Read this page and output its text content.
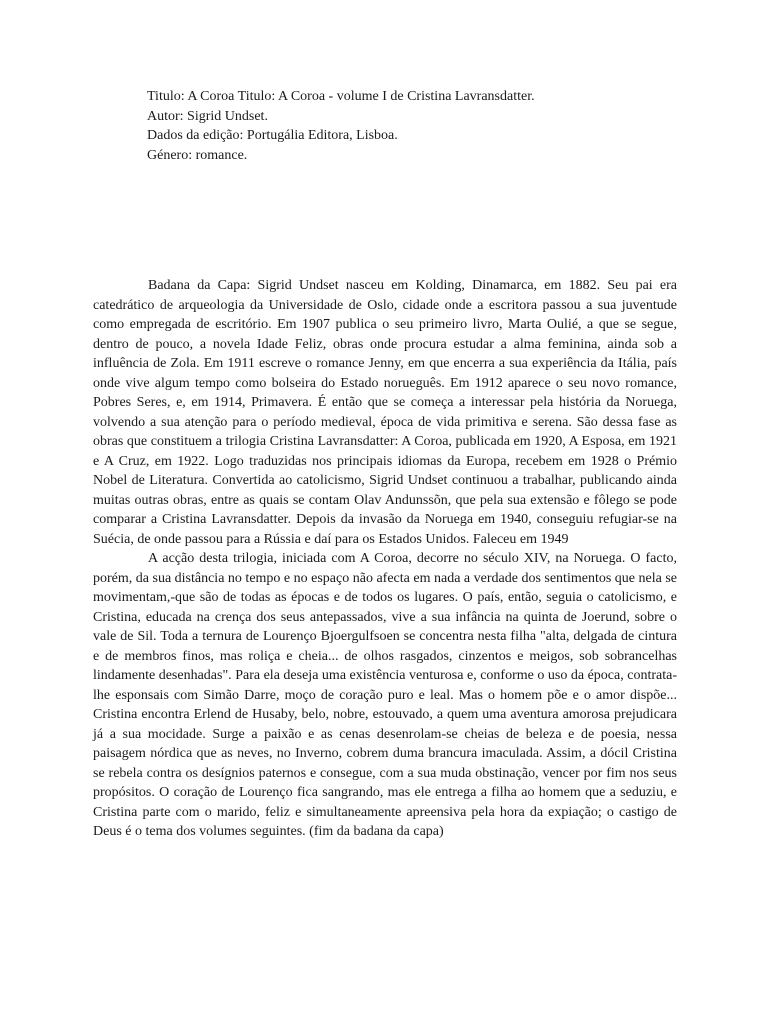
Titulo: A Coroa Titulo: A Coroa - volume I de Cristina Lavransdatter.
Autor: Sigrid Undset.
Dados da edição: Portugália Editora, Lisboa.
Género: romance.

Badana da Capa: Sigrid Undset nasceu em Kolding, Dinamarca, em 1882. Seu pai era catedrático de arqueologia da Universidade de Oslo, cidade onde a escritora passou a sua juventude como empregada de escritório. Em 1907 publica o seu primeiro livro, Marta Oulié, a que se segue, dentro de pouco, a novela Idade Feliz, obras onde procura estudar a alma feminina, ainda sob a influência de Zola. Em 1911 escreve o romance Jenny, em que encerra a sua experiência da Itália, país onde vive algum tempo como bolseira do Estado norueguês. Em 1912 aparece o seu novo romance, Pobres Seres, e, em 1914, Primavera. É então que se começa a interessar pela história da Noruega, volvendo a sua atenção para o período medieval, época de vida primitiva e serena. São dessa fase as obras que constituem a trilogia Cristina Lavransdatter: A Coroa, publicada em 1920, A Esposa, em 1921 e A Cruz, em 1922. Logo traduzidas nos principais idiomas da Europa, recebem em 1928 o Prémio Nobel de Literatura. Convertida ao catolicismo, Sigrid Undset continuou a trabalhar, publicando ainda muitas outras obras, entre as quais se contam Olav Andunssõn, que pela sua extensão e fôlego se pode comparar a Cristina Lavransdatter. Depois da invasão da Noruega em 1940, conseguiu refugiar-se na Suécia, de onde passou para a Rússia e daí para os Estados Unidos. Faleceu em 1949

A acção desta trilogia, iniciada com A Coroa, decorre no século XIV, na Noruega. O facto, porém, da sua distância no tempo e no espaço não afecta em nada a verdade dos sentimentos que nela se movimentam,-que são de todas as épocas e de todos os lugares. O país, então, seguia o catolicismo, e Cristina, educada na crença dos seus antepassados, vive a sua infância na quinta de Joerund, sobre o vale de Sil. Toda a ternura de Lourenço Bjoergulfsoen se concentra nesta filha "alta, delgada de cintura e de membros finos, mas roliça e cheia... de olhos rasgados, cinzentos e meigos, sob sobrancelhas lindamente desenhadas". Para ela deseja uma existência venturosa e, conforme o uso da época, contrata-lhe esponsais com Simão Darre, moço de coração puro e leal. Mas o homem põe e o amor dispõe... Cristina encontra Erlend de Husaby, belo, nobre, estouvado, a quem uma aventura amorosa prejudicara já a sua mocidade. Surge a paixão e as cenas desenrolam-se cheias de beleza e de poesia, nessa paisagem nórdica que as neves, no Inverno, cobrem duma brancura imaculada. Assim, a dócil Cristina se rebela contra os desígnios paternos e consegue, com a sua muda obstinação, vencer por fim nos seus propósitos. O coração de Lourenço fica sangrando, mas ele entrega a filha ao homem que a seduziu, e Cristina parte com o marido, feliz e simultaneamente apreensiva pela hora da expiação; o castigo de Deus é o tema dos volumes seguintes. (fim da badana da capa)
